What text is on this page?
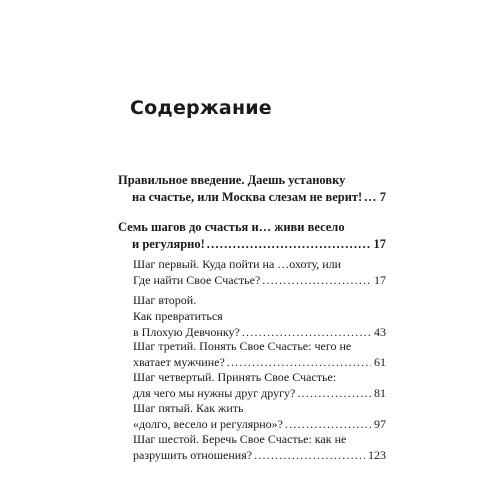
Содержание
Правильное введение. Даешь установку
на счастье, или Москва слезам не верит! ..... 7
Семь шагов до счастья и… живи весело
и регулярно! .....	17
Шаг первый. Куда пойти на …охоту, или
Где найти Свое Счастье? .....	17
Шаг второй.
Как превратиться
в Плохую Девчонку? .....	43
Шаг третий. Понять Свое Счастье: чего не
хватает мужчине? .....	61
Шаг четвертый. Принять Свое Счастье:
для чего мы нужны друг другу? .....	81
Шаг пятый. Как жить
«долго, весело и регулярно»? .....	97
Шаг шестой. Беречь Свое Счастье: как не
разрушить отношения? .....	123
